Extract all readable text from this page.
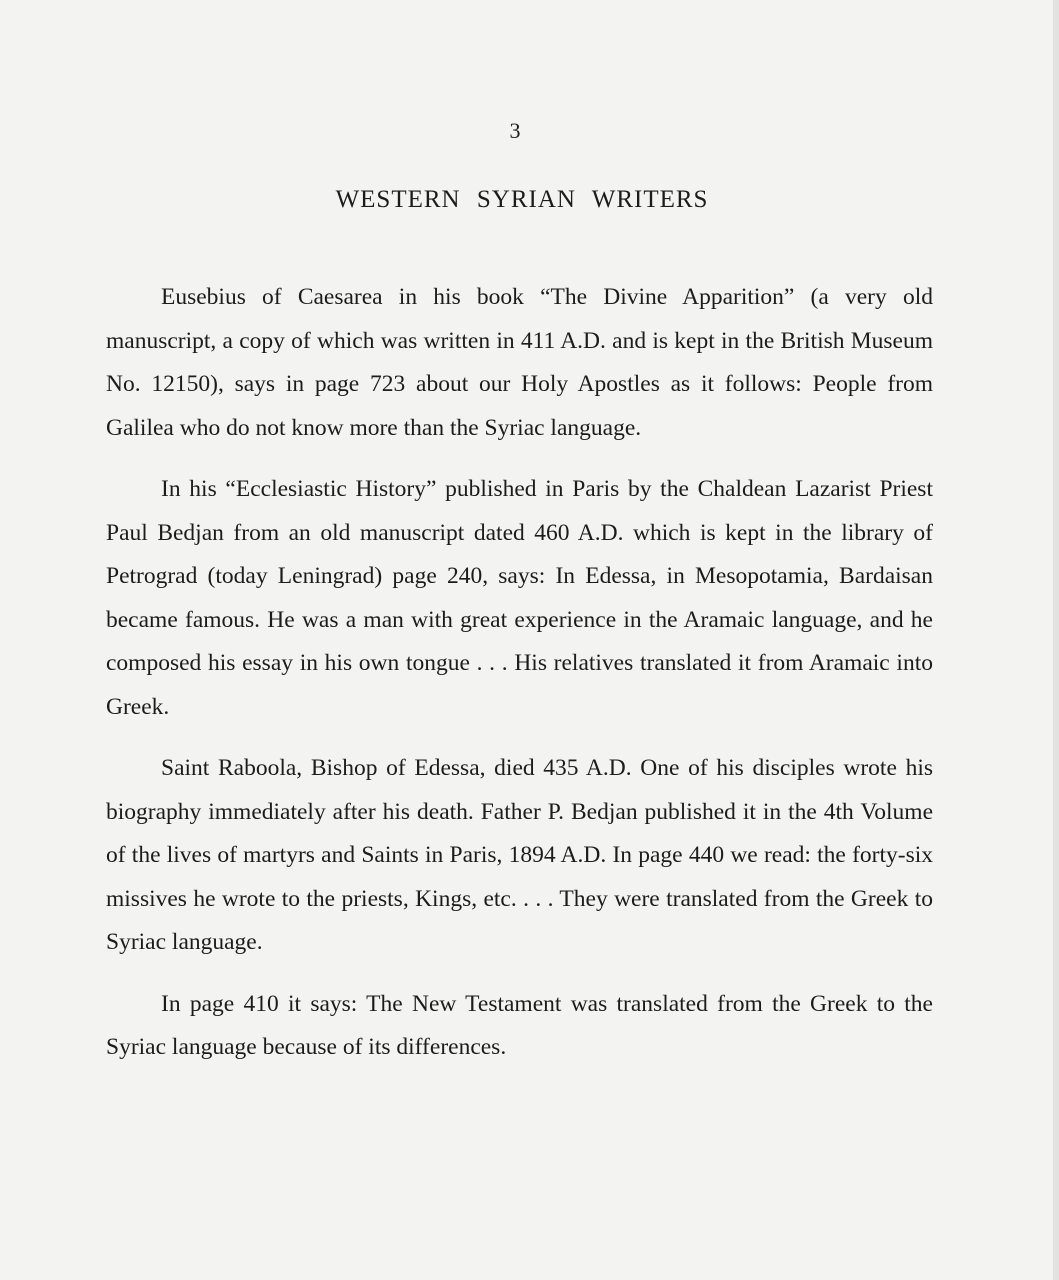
3
WESTERN SYRIAN WRITERS

Eusebius of Caesarea in his book “The Divine Apparition” (a very old manuscript, a copy of which was written in 411 A.D. and is kept in the British Museum No. 12150), says in page 723 about our Holy Apostles as it follows: People from Galilea who do not know more than the Syriac language.

In his “Ecclesiastic History” published in Paris by the Chaldean Lazarist Priest Paul Bedjan from an old manuscript dated 460 A.D. which is kept in the library of Petrograd (today Leningrad) page 240, says: In Edessa, in Mesopotamia, Bardaisan became famous. He was a man with great experience in the Aramaic language, and he composed his essay in his own tongue . . . His relatives translated it from Aramaic into Greek.

Saint Raboola, Bishop of Edessa, died 435 A.D. One of his disciples wrote his biography immediately after his death. Father P. Bedjan published it in the 4th Volume of the lives of martyrs and Saints in Paris, 1894 A.D. In page 440 we read: the forty-six missives he wrote to the priests, Kings, etc. . . . They were translated from the Greek to Syriac language.

In page 410 it says: The New Testament was translated from the Greek to the Syriac language because of its differences.
